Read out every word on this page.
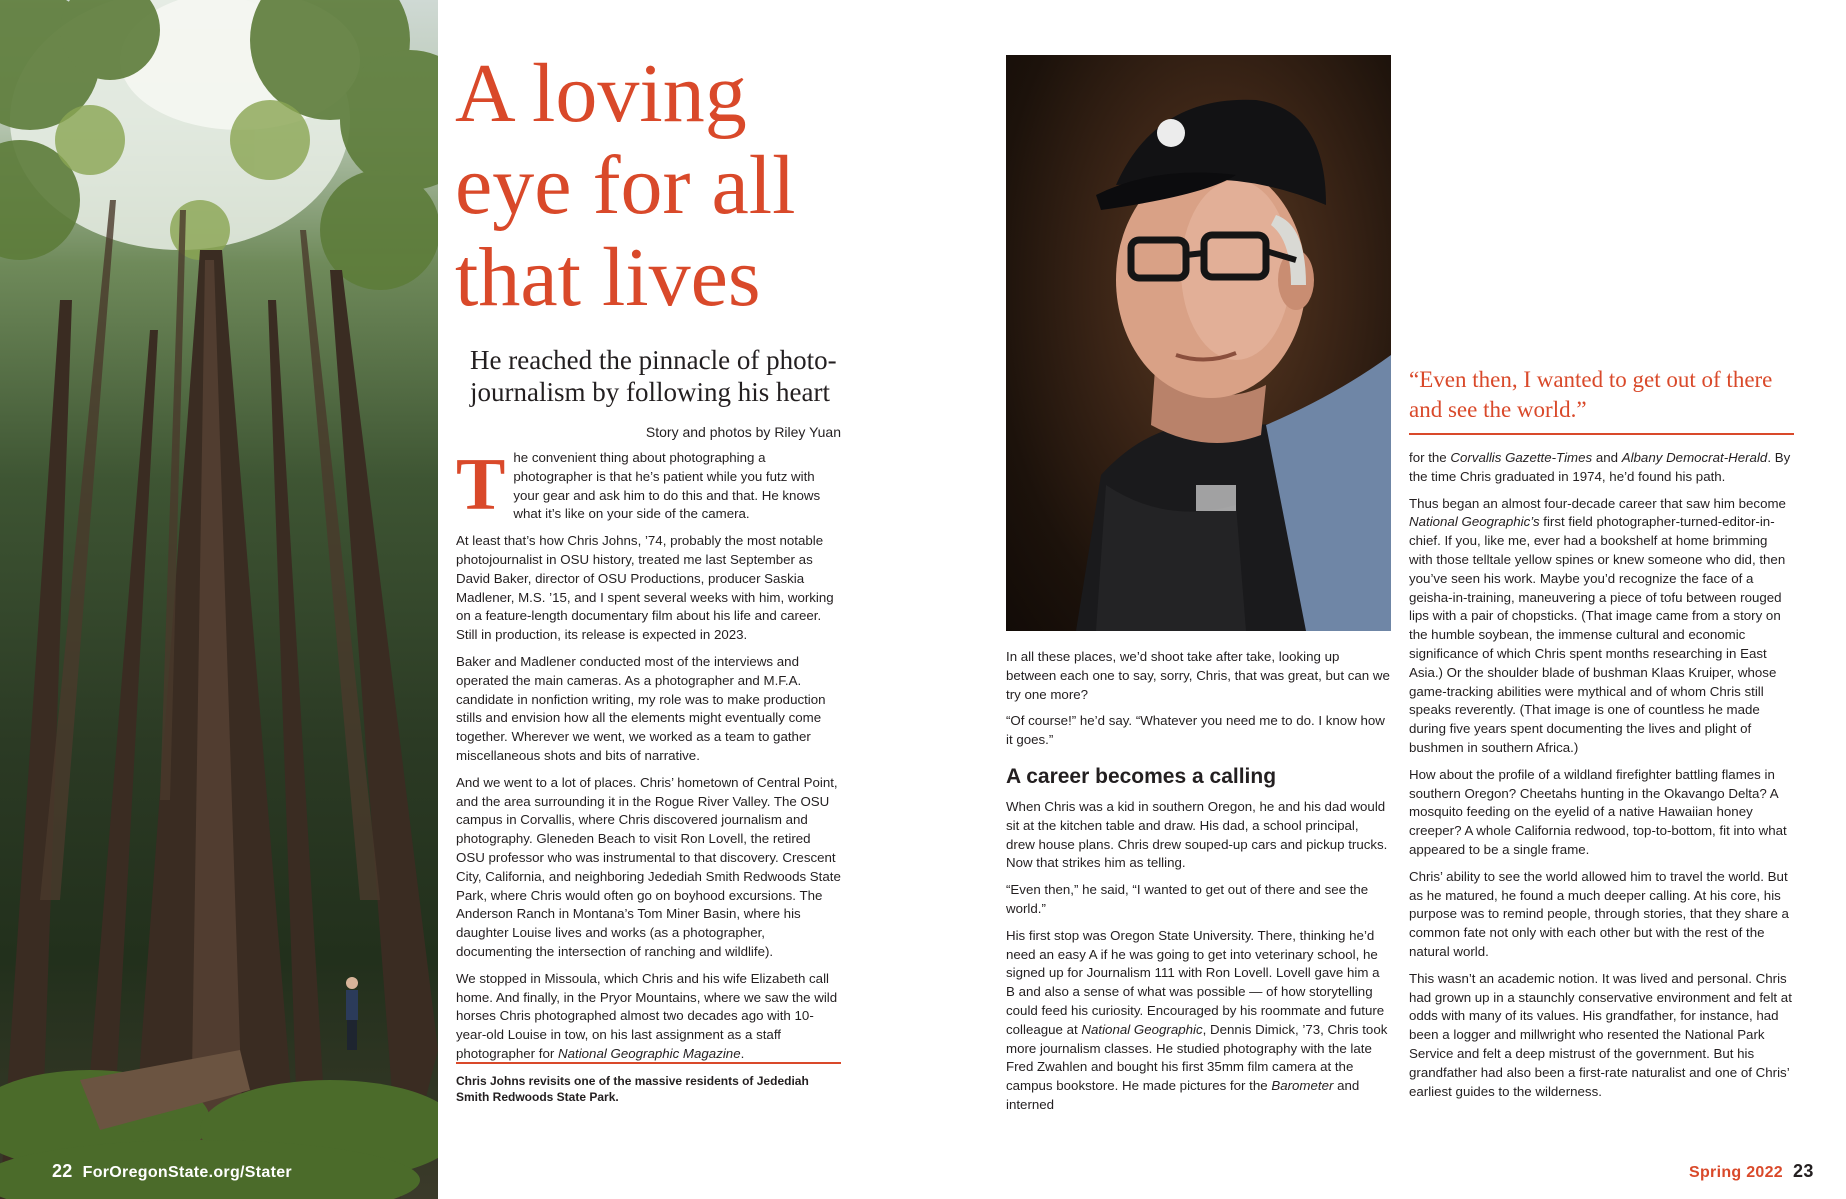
22 ForOregonState.org/Stater
A loving
eye for all
that lives
He reached the pinnacle of photo-
journalism by following his heart
Story and photos by Riley Yuan

The convenient thing about photographing a photographer is that he’s patient while you futz with your gear and ask him to do this and that. He knows what it’s like on your side of the camera.

At least that’s how Chris Johns, ’74, probably the most notable photojournalist in OSU history, treated me last September as David Baker, director of OSU Productions, producer Saskia Madlener, M.S. ’15, and I spent several weeks with him, working on a feature-length documentary film about his life and career. Still in production, its release is expected in 2023.

Baker and Madlener conducted most of the interviews and operated the main cameras. As a photographer and M.F.A. candidate in nonfiction writing, my role was to make production stills and envision how all the elements might eventually come together. Wherever we went, we worked as a team to gather miscellaneous shots and bits of narrative.

And we went to a lot of places. Chris’ hometown of Central Point, and the area surrounding it in the Rogue River Valley. The OSU campus in Corvallis, where Chris discovered journalism and photography. Gleneden Beach to visit Ron Lovell, the retired OSU professor who was instrumental to that discovery. Crescent City, California, and neighboring Jedediah Smith Redwoods State Park, where Chris would often go on boyhood excursions. The Anderson Ranch in Montana’s Tom Miner Basin, where his daughter Louise lives and works (as a photographer, documenting the intersection of ranching and wildlife).

We stopped in Missoula, which Chris and his wife Elizabeth call home. And finally, in the Pryor Mountains, where we saw the wild horses Chris photographed almost two decades ago with 10-year-old Louise in tow, on his last assignment as a staff photographer for National Geographic Magazine.

Chris Johns revisits one of the massive residents of Jedediah Smith Redwoods State Park.

In all these places, we’d shoot take after take, looking up between each one to say, sorry, Chris, that was great, but can we try one more?

“Of course!” he’d say. “Whatever you need me to do. I know how it goes.”

A career becomes a calling

When Chris was a kid in southern Oregon, he and his dad would sit at the kitchen table and draw. His dad, a school principal, drew house plans. Chris drew souped-up cars and pickup trucks. Now that strikes him as telling.

“Even then,” he said, “I wanted to get out of there and see the world.”

His first stop was Oregon State University. There, thinking he’d need an easy A if he was going to get into veterinary school, he signed up for Journalism 111 with Ron Lovell. Lovell gave him a B and also a sense of what was possible — of how storytelling could feed his curiosity. Encouraged by his roommate and future colleague at National Geographic, Dennis Dimick, ’73, Chris took more journalism classes. He studied photography with the late Fred Zwahlen and bought his first 35mm film camera at the campus bookstore. He made pictures for the Barometer and interned

“Even then, I wanted to get out of there and see the world.”

for the Corvallis Gazette-Times and Albany Democrat-Herald. By the time Chris graduated in 1974, he’d found his path.

Thus began an almost four-decade career that saw him become National Geographic’s first field photographer-turned-editor-in-chief. If you, like me, ever had a bookshelf at home brimming with those telltale yellow spines or knew someone who did, then you’ve seen his work. Maybe you’d recognize the face of a geisha-in-training, maneuvering a piece of tofu between rouged lips with a pair of chopsticks. (That image came from a story on the humble soybean, the immense cultural and economic significance of which Chris spent months researching in East Asia.) Or the shoulder blade of bushman Klaas Kruiper, whose game-tracking abilities were mythical and of whom Chris still speaks reverently. (That image is one of countless he made during five years spent documenting the lives and plight of bushmen in southern Africa.)

How about the profile of a wildland firefighter battling flames in southern Oregon? Cheetahs hunting in the Okavango Delta? A mosquito feeding on the eyelid of a native Hawaiian honey creeper? A whole California redwood, top-to-bottom, fit into what appeared to be a single frame.

Chris’ ability to see the world allowed him to travel the world. But as he matured, he found a much deeper calling. At his core, his purpose was to remind people, through stories, that they share a common fate not only with each other but with the rest of the natural world.

This wasn’t an academic notion. It was lived and personal. Chris had grown up in a staunchly conservative environment and felt at odds with many of its values. His grandfather, for instance, had been a logger and millwright who resented the National Park Service and felt a deep mistrust of the government. But his grandfather had also been a first-rate naturalist and one of Chris’ earliest guides to the wilderness.

Spring 2022 23
